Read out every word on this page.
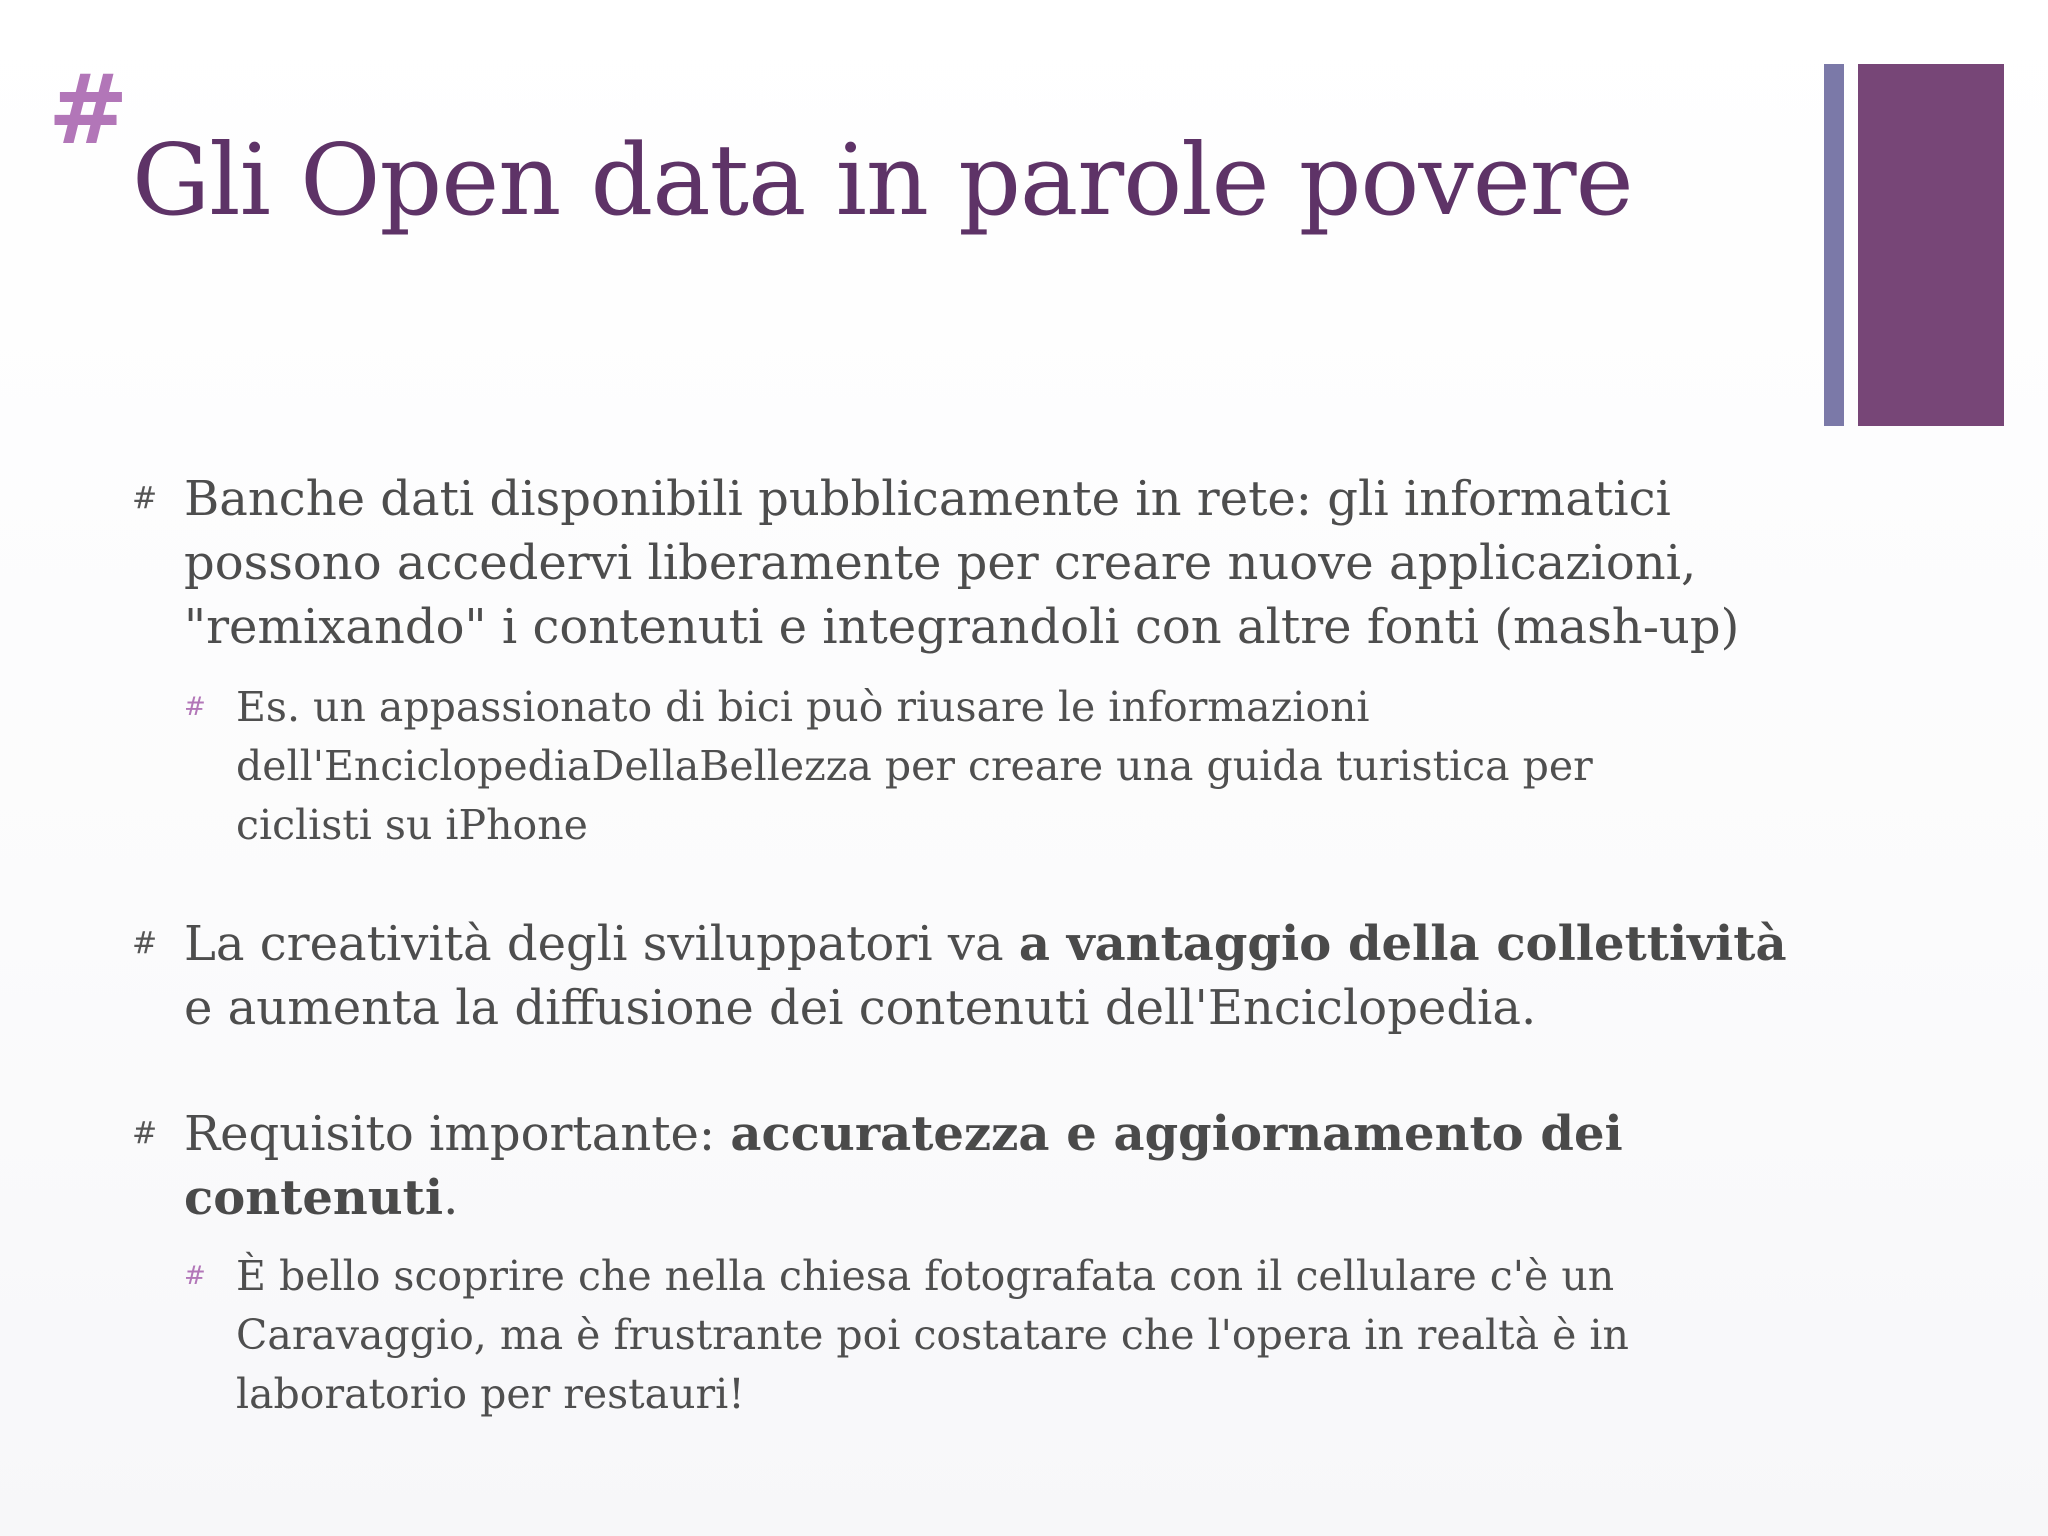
#
Gli Open data in parole povere
# Banche dati disponibili pubblicamente in rete: gli informatici
possono accedervi liberamente per creare nuove applicazioni,
"remixando" i contenuti e integrandoli con altre fonti (mash-up)
# Es. un appassionato di bici può riusare le informazioni
dell'EnciclopediaDellaBellezza per creare una guida turistica per
ciclisti su iPhone
# La creatività degli sviluppatori va a vantaggio della collettività
e aumenta la diffusione dei contenuti dell'Enciclopedia.
# Requisito importante: accuratezza e aggiornamento dei
contenuti.
# È bello scoprire che nella chiesa fotografata con il cellulare c'è un
Caravaggio, ma è frustrante poi costatare che l'opera in realtà è in
laboratorio per restauri!
